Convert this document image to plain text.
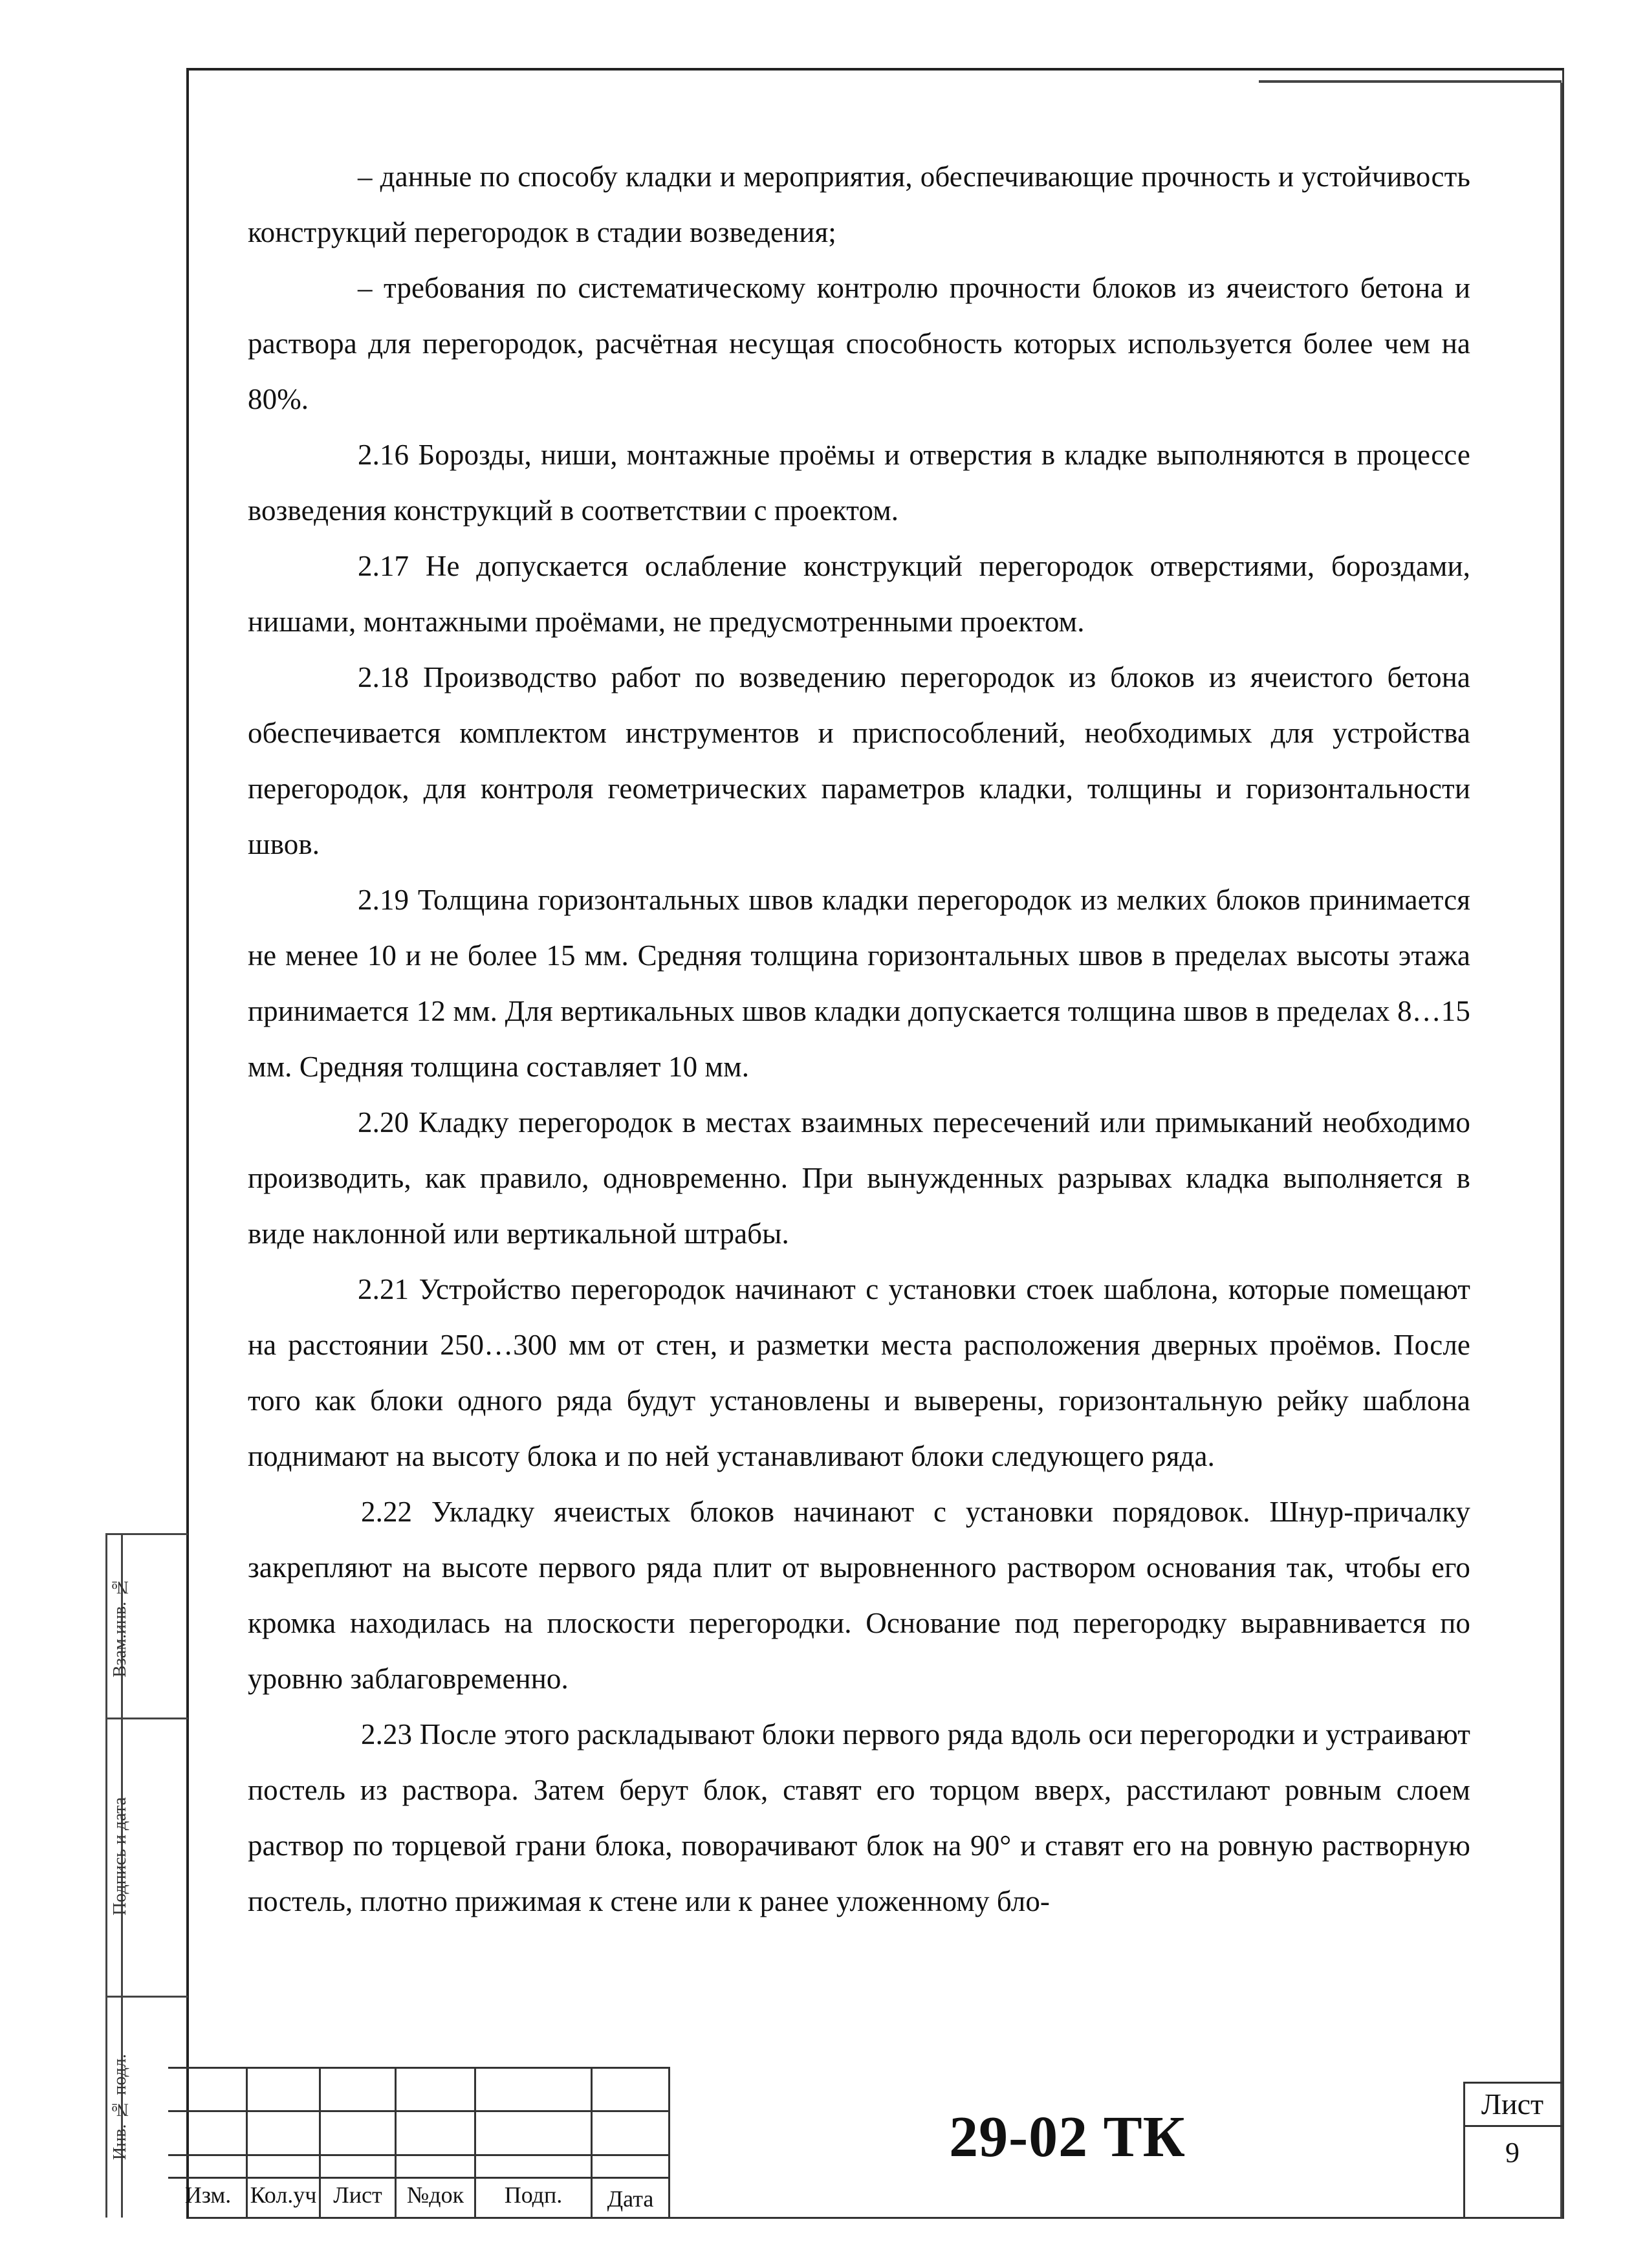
– данные по способу кладки и мероприятия, обеспечивающие прочность и устойчивость конструкций перегородок в стадии возведения;

– требования по систематическому контролю прочности блоков из ячеистого бетона и раствора для перегородок, расчётная несущая способность которых используется более чем на 80%.

2.16 Борозды, ниши, монтажные проёмы и отверстия в кладке выполняются в процессе возведения конструкций в соответствии с проектом.

2.17 Не допускается ослабление конструкций перегородок отверстиями, бороздами, нишами, монтажными проёмами, не предусмотренными проектом.

2.18 Производство работ по возведению перегородок из блоков из ячеистого бетона обеспечивается комплектом инструментов и приспособлений, необходимых для устройства перегородок, для контроля геометрических параметров кладки, толщины и горизонтальности швов.

2.19 Толщина горизонтальных швов кладки перегородок из мелких блоков принимается не менее 10 и не более 15 мм. Средняя толщина горизонтальных швов в пределах высоты этажа принимается 12 мм. Для вертикальных швов кладки допускается толщина швов в пределах 8…15 мм. Средняя толщина составляет 10 мм.

2.20 Кладку перегородок в местах взаимных пересечений или примыканий необходимо производить, как правило, одновременно. При вынужденных разрывах кладка выполняется в виде наклонной или вертикальной штрабы.

2.21 Устройство перегородок начинают с установки стоек шаблона, которые помещают на расстоянии 250…300 мм от стен, и разметки места расположения дверных проёмов. После того как блоки одного ряда будут установлены и выверены, горизонтальную рейку шаблона поднимают на высоту блока и по ней устанавливают блоки следующего ряда.

2.22 Укладку ячеистых блоков начинают с установки порядовок. Шнур-причалку закрепляют на высоте первого ряда плит от выровненного раствором основания так, чтобы его кромка находилась на плоскости перегородки. Основание под перегородку выравнивается по уровню заблаговременно.

2.23 После этого раскладывают блоки первого ряда вдоль оси перегородки и устраивают постель из раствора. Затем берут блок, ставят его торцом вверх, расстилают ровным слоем раствор по торцевой грани блока, поворачивают блок на 90° и ставят его на ровную растворную постель, плотно прижимая к стене или к ранее уложенному бло-

Взам.инв. №
Подпись и дата
Инв. № подл.
Изм. Кол.уч Лист	№док	Подп.	Дата
29-02 ТК
Лист
9
